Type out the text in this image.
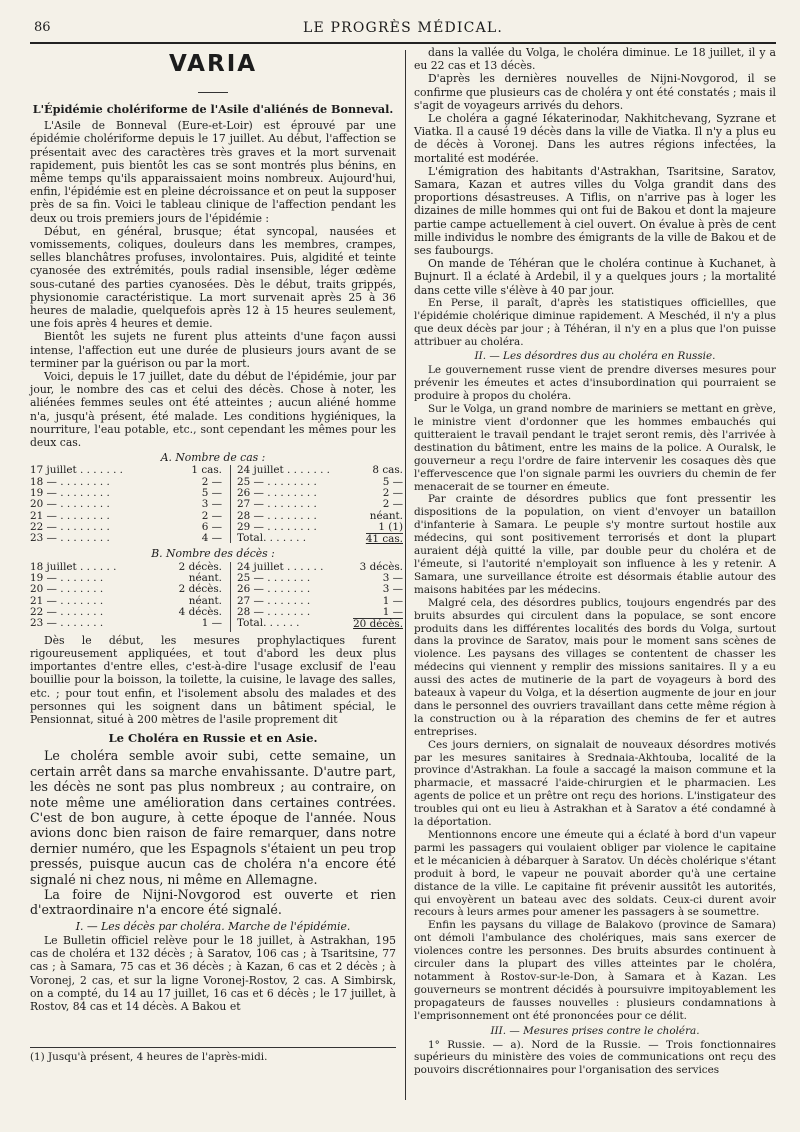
86	LE PROGRÈS MÉDICAL.
VARIA
L'Épidémie cholériforme de l'Asile d'aliénés de Bonneval.

L'Asile de Bonneval (Eure-et-Loir) est éprouvé par une épidémie cholériforme depuis le 17 juillet. Au début, l'affection se présentait avec des caractères très graves et la mort survenait rapidement, puis bientôt les cas se sont montrés plus bénins, en même temps qu'ils apparaissaient moins nombreux. Aujourd'hui, enfin, l'épidémie est en pleine décroissance et on peut la supposer près de sa fin. Voici le tableau clinique de l'affection pendant les deux ou trois premiers jours de l'épidémie :

Début, en général, brusque; état syncopal, nausées et vomissements, coliques, douleurs dans les membres, crampes, selles blanchâtres profuses, involontaires. Puis, algidité et teinte cyanosée des extrémités, pouls radial insensible, léger œdème sous-cutané des parties cyanosées. Dès le début, traits grippés, physionomie caractéristique. La mort survenait après 25 à 36 heures de maladie, quelquefois après 12 à 15 heures seulement, une fois après 4 heures et demie.

Bientôt les sujets ne furent plus atteints d'une façon aussi intense, l'affection eut une durée de plusieurs jours avant de se terminer par la guérison ou par la mort.

Voici, depuis le 17 juillet, date du début de l'épidémie, jour par jour, le nombre des cas et celui des décès. Chose à noter, les aliénées femmes seules ont été atteintes ; aucun aliéné homme n'a, jusqu'à présent, été malade. Les conditions hygiéniques, la nourriture, l'eau potable, etc., sont cependant les mêmes pour les deux cas.

A. Nombre de cas :
17 juillet . . . . . . .	1 cas.
18 — . . . . . . . .	2 —
19 — . . . . . . . .	5 —
20 — . . . . . . . .	3 —
21 — . . . . . . . .	2 —
22 — . . . . . . . .	6 —
23 — . . . . . . . .	4 —
24 juillet . . . . . . .	8 cas.
25 — . . . . . . . .	5 —
26 — . . . . . . . .	2 —
27 — . . . . . . . .	2 —
28 — . . . . . . . .	néant.
29 — . . . . . . . .	1 (1)
Total. . . . . . .	41 cas.
B. Nombre des décès :
18 juillet . . . . . .	2 décès.
19 — . . . . . . .	néant.
20 — . . . . . . .	2 décès.
21 — . . . . . . .	néant.
22 — . . . . . . .	4 décès.
23 — . . . . . . .	1 —
24 juillet . . . . . .	3 décès.
25 — . . . . . . .	3 —
26 — . . . . . . .	3 —
27 — . . . . . . .	1 —
28 — . . . . . . .	1 —
Total. . . . . .	20 décès.

Dès le début, les mesures prophylactiques furent rigoureusement appliquées, et tout d'abord les deux plus importantes d'entre elles, c'est-à-dire l'usage exclusif de l'eau bouillie pour la boisson, la toilette, la cuisine, le lavage des salles, etc. ; pour tout enfin, et l'isolement absolu des malades et des personnes qui les soignent dans un bâtiment spécial, le Pensionnat, situé à 200 mètres de l'asile proprement dit

Le Choléra en Russie et en Asie.

Le choléra semble avoir subi, cette semaine, un certain arrêt dans sa marche envahissante. D'autre part, les décès ne sont pas plus nombreux ; au contraire, on note même une amélioration dans certaines contrées. C'est de bon augure, à cette époque de l'année. Nous avions donc bien raison de faire remarquer, dans notre dernier numéro, que les Espagnols s'étaient un peu trop pressés, puisque aucun cas de choléra n'a encore été signalé ni chez nous, ni même en Allemagne.

La foire de Nijni-Novgorod est ouverte et rien d'extraordinaire n'a encore été signalé.

I. — Les décès par choléra. Marche de l'épidémie.

Le Bulletin officiel relève pour le 18 juillet, à Astrakhan, 195 cas de choléra et 132 décès ; à Saratov, 106 cas ; à Tsaritsine, 77 cas ; à Samara, 75 cas et 36 décès ; à Kazan, 6 cas et 2 décès ; à Voronej, 2 cas, et sur la ligne Voronej-Rostov, 2 cas. A Simbirsk, on a compté, du 14 au 17 juillet, 16 cas et 6 décès ; le 17 juillet, à Rostov, 84 cas et 14 décès. A Bakou et

(1) Jusqu'à présent, 4 heures de l'après-midi.

dans la vallée du Volga, le choléra diminue. Le 18 juillet, il y a eu 22 cas et 13 décès.

D'après les dernières nouvelles de Nijni-Novgorod, il se confirme que plusieurs cas de choléra y ont été constatés ; mais il s'agit de voyageurs arrivés du dehors.

Le choléra a gagné Iékaterinodar, Nakhitchevang, Syzrane et Viatka. Il a causé 19 décès dans la ville de Viatka. Il n'y a plus eu de décès à Voronej. Dans les autres régions infectées, la mortalité est modérée.

L'émigration des habitants d'Astrakhan, Tsaritsine, Saratov, Samara, Kazan et autres villes du Volga grandit dans des proportions désastreuses. A Tiflis, on n'arrive pas à loger les dizaines de mille hommes qui ont fui de Bakou et dont la majeure partie campe actuellement à ciel ouvert. On évalue à près de cent mille individus le nombre des émigrants de la ville de Bakou et de ses faubourgs.

On mande de Téhéran que le choléra continue à Kuchanet, à Bujnurt. Il a éclaté à Ardebil, il y a quelques jours ; la mortalité dans cette ville s'élève à 40 par jour.

En Perse, il paraît, d'après les statistiques officiellles, que l'épidémie cholérique diminue rapidement. A Meschéd, il n'y a plus que deux décès par jour ; à Téhéran, il n'y en a plus que l'on puisse attribuer au choléra.

II. — Les désordres dus au choléra en Russie.

Le gouvernement russe vient de prendre diverses mesures pour prévenir les émeutes et actes d'insubordination qui pourraient se produire à propos du choléra.

Sur le Volga, un grand nombre de mariniers se mettant en grève, le ministre vient d'ordonner que les hommes embauchés qui quitteraient le travail pendant le trajet seront remis, dès l'arrivée à destination du bâtiment, entre les mains de la police. A Ouralsk, le gouverneur a reçu l'ordre de faire intervenir les cosaques dès que l'effervescence que l'on signale parmi les ouvriers du chemin de fer menacerait de se tourner en émeute.

Par crainte de désordres publics que font pressentir les dispositions de la population, on vient d'envoyer un bataillon d'infanterie à Samara. Le peuple s'y montre surtout hostile aux médecins, qui sont positivement terrorisés et dont la plupart auraient déjà quitté la ville, par double peur du choléra et de l'émeute, si l'autorité n'employait son influence à les y retenir. A Samara, une surveillance étroite est désormais établie autour des maisons habitées par les médecins.

Malgré cela, des désordres publics, toujours engendrés par des bruits absurdes qui circulent dans la populace, se sont encore produits dans les différentes localités des bords du Volga, surtout dans la province de Saratov, mais pour le moment sans scènes de violence. Les paysans des villages se contentent de chasser les médecins qui viennent y remplir des missions sanitaires. Il y a eu aussi des actes de mutinerie de la part de voyageurs à bord des bateaux à vapeur du Volga, et la désertion augmente de jour en jour dans le personnel des ouvriers travaillant dans cette même région à la construction ou à la réparation des chemins de fer et autres entreprises.

Ces jours derniers, on signalait de nouveaux désordres motivés par les mesures sanitaires à Srednaia-Akhtouba, localité de la province d'Astrakhan. La foule a saccagé la maison commune et la pharmacie, et massacré l'aide-chirurgien et le pharmacien. Les agents de police et un prêtre ont reçu des horions. L'instigateur des troubles qui ont eu lieu à Astrakhan et à Saratov a été condamné à la déportation.

Mentionnons encore une émeute qui a éclaté à bord d'un vapeur parmi les passagers qui voulaient obliger par violence le capitaine et le mécanicien à débarquer à Saratov. Un décès cholérique s'étant produit à bord, le vapeur ne pouvait aborder qu'à une certaine distance de la ville. Le capitaine fit prévenir aussitôt les autorités, qui envoyèrent un bateau avec des soldats. Ceux-ci durent avoir recours à leurs armes pour amener les passagers à se soumettre.

Enfin les paysans du village de Balakovo (province de Samara) ont démoli l'ambulance des cholériques, mais sans exercer de violences contre les personnes. Des bruits absurdes continuent à circuler dans la plupart des villes atteintes par le choléra, notamment à Rostov-sur-le-Don, à Samara et à Kazan. Les gouverneurs se montrent décidés à poursuivre impitoyablement les propagateurs de fausses nouvelles : plusieurs condamnations à l'emprisonnement ont été prononcées pour ce délit.

III. — Mesures prises contre le choléra.

1° Russie. — a). Nord de la Russie. — Trois fonctionnaires supérieurs du ministère des voies de communications ont reçu des pouvoirs discrétionnaires pour l'organisation des services
